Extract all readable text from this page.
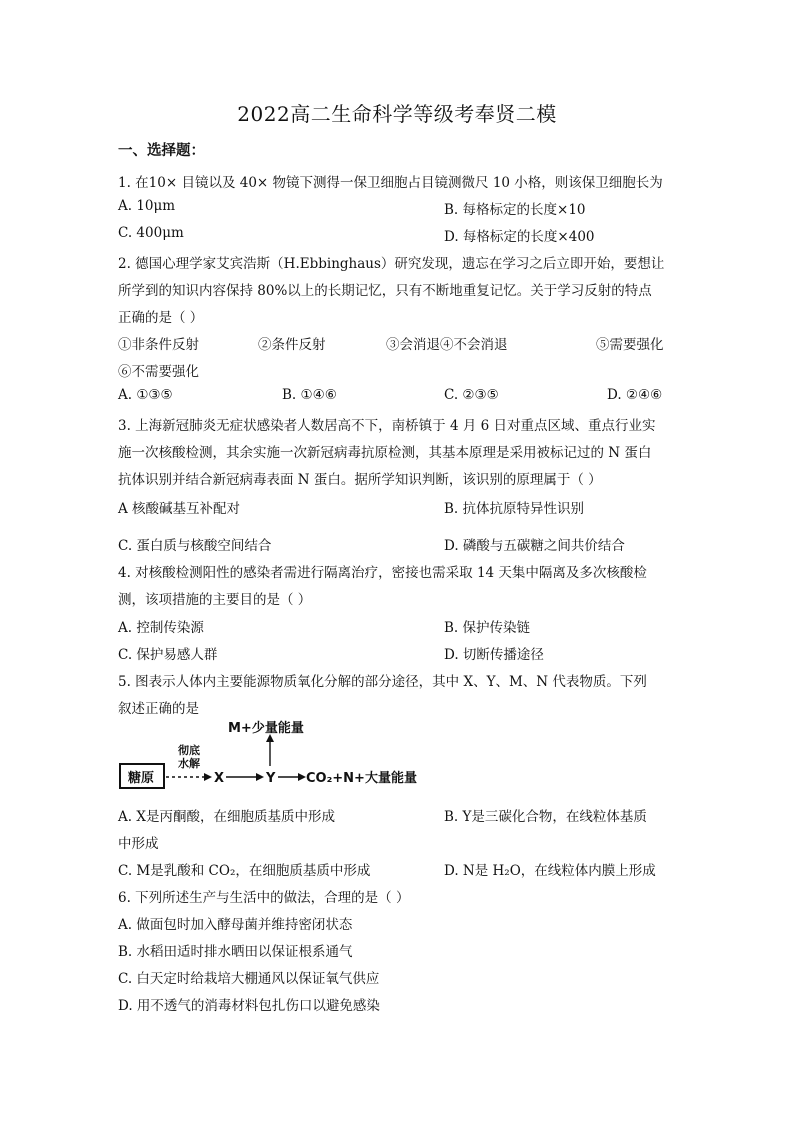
2022高二生命科学等级考奉贤二模
一、选择题：
1. 在10× 目镜以及 40× 物镜下测得一保卫细胞占目镜测微尺 10 小格，则该保卫细胞长为
A. 10μm	B. 每格标定的长度×10
C. 400μm	D. 每格标定的长度×400
2. 德国心理学家艾宾浩斯（H.Ebbinghaus）研究发现，遗忘在学习之后立即开始，要想让
所学到的知识内容保持 80%以上的长期记忆，只有不断地重复记忆。关于学习反射的特点
正确的是（ ）
①非条件反射	②条件反射	③会消退④不会消退	⑤需要强化
⑥不需要强化
A. ①③⑤	B. ①④⑥	C. ②③⑤	D. ②④⑥
3. 上海新冠肺炎无症状感染者人数居高不下，南桥镇于 4 月 6 日对重点区域、重点行业实
施一次核酸检测，其余实施一次新冠病毒抗原检测，其基本原理是采用被标记过的 N 蛋白
抗体识别并结合新冠病毒表面 N 蛋白。据所学知识判断，该识别的原理属于（ ）
A 核酸碱基互补配对	B. 抗体抗原特异性识别
C. 蛋白质与核酸空间结合	D. 磷酸与五碳糖之间共价结合
4. 对核酸检测阳性的感染者需进行隔离治疗，密接也需采取 14 天集中隔离及多次核酸检
测，该项措施的主要目的是（ ）
A. 控制传染源	B. 保护传染链
C. 保护易感人群	D. 切断传播途径
5. 图表示人体内主要能源物质氧化分解的部分途径，其中 X、Y、M、N 代表物质。下列
叙述正确的是
糖原
彻底
水解
X	Y
M+少量能量
CO₂+N+大量能量
A. X是丙酮酸，在细胞质基质中形成	B. Y是三碳化合物，在线粒体基质
中形成
C. M是乳酸和 CO₂，在细胞质基质中形成	D. N是 H₂O，在线粒体内膜上形成
6. 下列所述生产与生活中的做法，合理的是（ ）
A. 做面包时加入酵母菌并维持密闭状态
B. 水稻田适时排水晒田以保证根系通气
C. 白天定时给栽培大棚通风以保证氧气供应
D. 用不透气的消毒材料包扎伤口以避免感染
